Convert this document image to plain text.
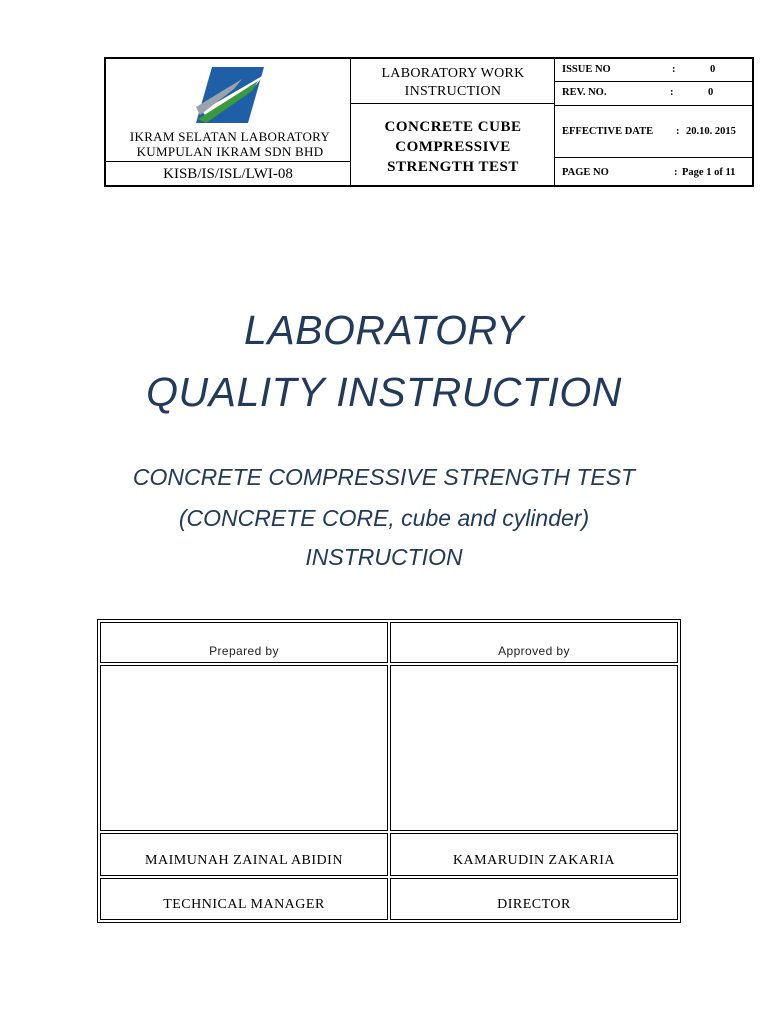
IKRAM SELATAN LABORATORY
KUMPULAN IKRAM SDN BHD
KISB/IS/ISL/LWI-08
LABORATORY WORK
INSTRUCTION
CONCRETE CUBE
COMPRESSIVE
STRENGTH TEST
ISSUE NO	:	0
REV. NO.	:	0
EFFECTIVE DATE : 20.10. 2015
PAGE NO	: Page 1 of 11
LABORATORY
QUALITY INSTRUCTION
CONCRETE COMPRESSIVE STRENGTH TEST
(CONCRETE CORE, cube and cylinder)
INSTRUCTION
Prepared by	Approved by
MAIMUNAH ZAINAL ABIDIN	KAMARUDIN ZAKARIA
TECHNICAL MANAGER	DIRECTOR
